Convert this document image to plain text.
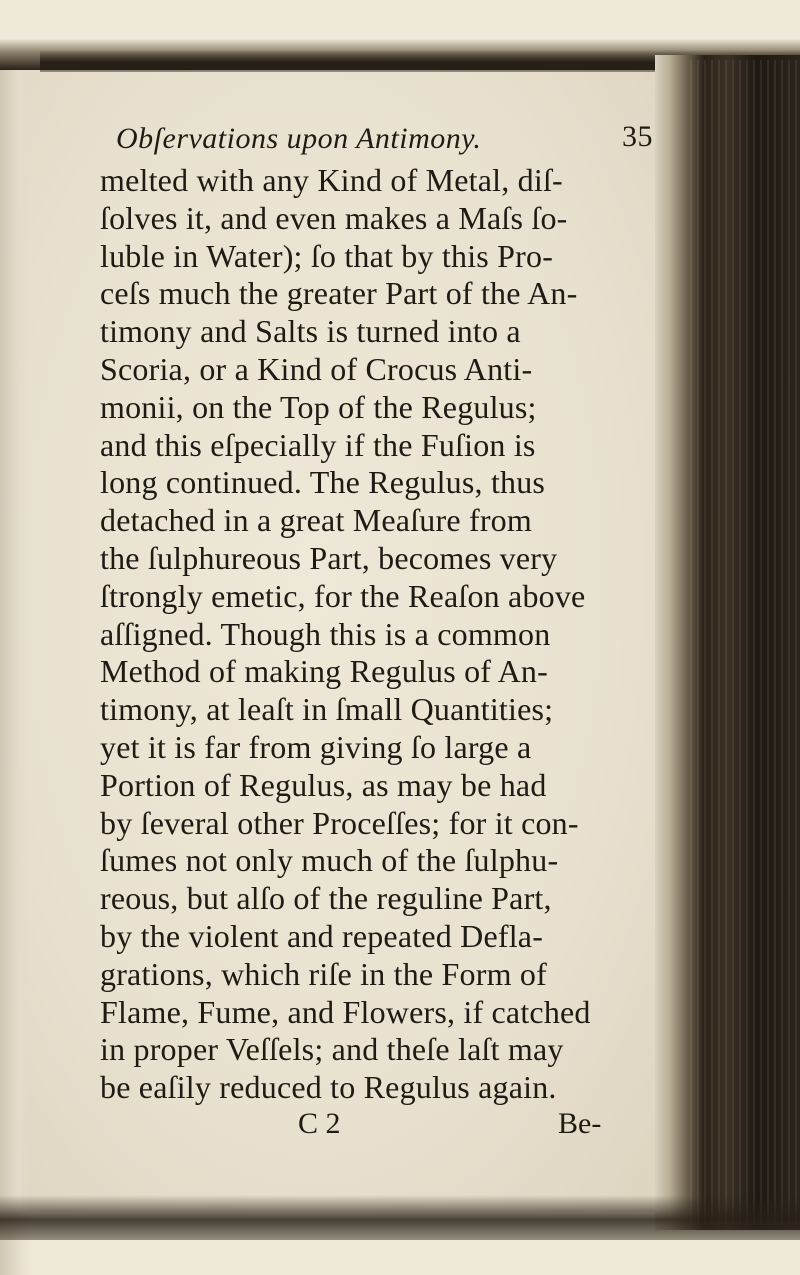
Obſervations upon Antimony.	35
melted with any Kind of Metal, diſ-
ſolves it, and even makes a Maſs ſo-
luble in Water); ſo that by this Pro-
ceſs much the greater Part of the An-
timony and Salts is turned into a
Scoria, or a Kind of Crocus Anti-
monii, on the Top of the Regulus;
and this eſpecially if the Fuſion is
long continued. The Regulus, thus
detached in a great Meaſure from
the ſulphureous Part, becomes very
ſtrongly emetic, for the Reaſon above
aſſigned. Though this is a common
Method of making Regulus of An-
timony, at leaſt in ſmall Quantities;
yet it is far from giving ſo large a
Portion of Regulus, as may be had
by ſeveral other Proceſſes; for it con-
ſumes not only much of the ſulphu-
reous, but alſo of the reguline Part,
by the violent and repeated Defla-
grations, which riſe in the Form of
Flame, Fume, and Flowers, if catched
in proper Veſſels; and theſe laſt may
be eaſily reduced to Regulus again.
C 2	Be-
